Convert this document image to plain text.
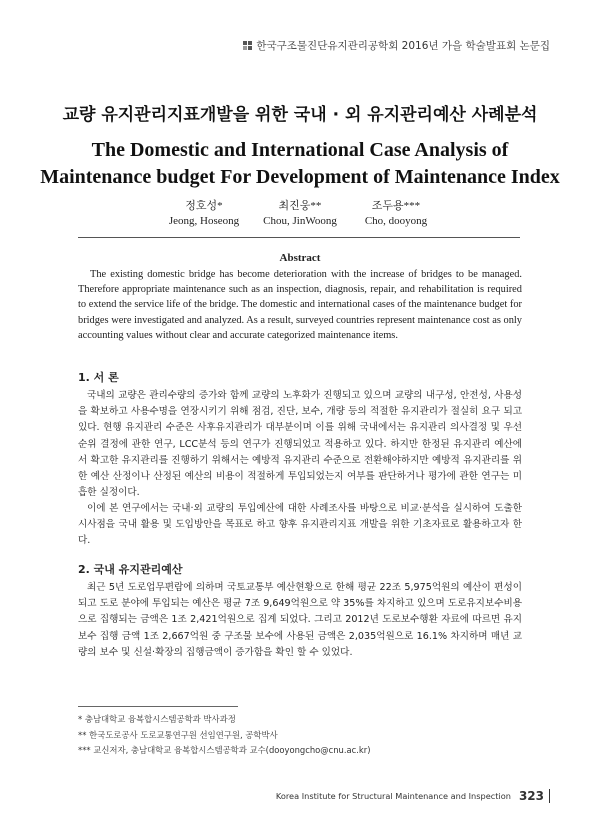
한국구조물진단유지관리공학회 2016년 가을 학술발표회 논문집
교량 유지관리지표개발을 위한 국내 · 외 유지관리예산 사례분석
The Domestic and International Case Analysis of
Maintenance budget For Development of Maintenance Index
정호성*	최진웅**	조두용***
Jeong, Hoseong	Chou, JinWoong	Cho, dooyong
Abstract
The existing domestic bridge has become deterioration with the increase of bridges to be managed. Therefore appropriate maintenance such as an inspection, diagnosis, repair, and rehabilitation is required to extend the service life of the bridge. The domestic and international cases of the maintenance budget for bridges were investigated and analyzed. As a result, surveyed countries represent maintenance cost as only accounting values without clear and accurate categorized maintenance items.
1. 서 론
국내의 교량은 관리수량의 증가와 함께 교량의 노후화가 진행되고 있으며 교량의 내구성, 안전성, 사용성을 확보하고 사용수명을 연장시키기 위해 점검, 진단, 보수, 개량 등의 적절한 유지관리가 절실히 요구 되고 있다. 현행 유지관리 수준은 사후유지관리가 대부분이며 이를 위해 국내에서는 유지관리 의사결정 및 우선순위 결정에 관한 연구, LCC분석 등의 연구가 진행되었고 적용하고 있다. 하지만 한정된 유지관리 예산에서 확고한 유지관리를 진행하기 위해서는 예방적 유지관리 수준으로 전환해야하지만 예방적 유지관리를 위한 예산 산정이나 산정된 예산의 비용이 적절하게 투입되었는지 여부를 판단하거나 평가에 관한 연구는 미흡한 실정이다.
이에 본 연구에서는 국내·외 교량의 투입예산에 대한 사례조사를 바탕으로 비교·분석을 실시하여 도출한 시사점을 국내 활용 및 도입방안을 목표로 하고 향후 유지관리지표 개발을 위한 기초자료로 활용하고자 한다.
2. 국내 유지관리예산
최근 5년 도로업무편람에 의하며 국토교통부 예산현황으로 한해 평균 22조 5,975억원의 예산이 편성이 되고 도로 분야에 투입되는 예산은 평균 7조 9,649억원으로 약 35%를 차지하고 있으며 도로유지보수비용으로 집행되는 금액은 1조 2,421억원으로 집계 되었다. 그리고 2012년 도로보수행환 자료에 따르면 유지보수 집행 금액 1조 2,667억원 중 구조물 보수에 사용된 금액은 2,035억원으로 16.1% 차지하며 매년 교량의 보수 및 신설·확장의 집행금액이 증가함을 확인 할 수 있었다.
* 충남대학교 융복합시스템공학과 박사과정
** 한국도로공사 도로교통연구원 선임연구원, 공학박사
*** 교신저자, 충남대학교 융복합시스템공학과 교수(dooyongcho@cnu.ac.kr)
Korea Institute for Structural Maintenance and Inspection 323
